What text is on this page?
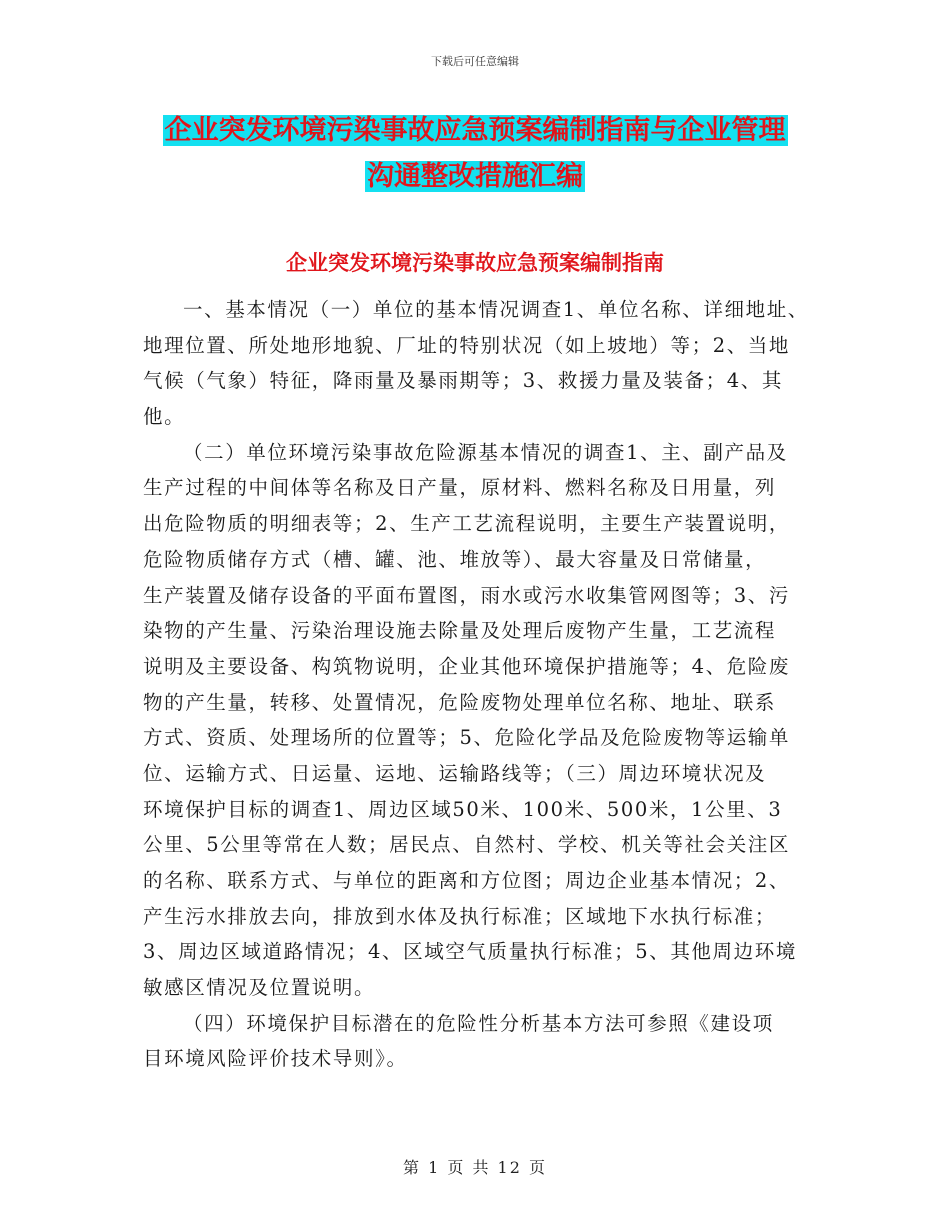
下载后可任意编辑
企业突发环境污染事故应急预案编制指南与企业管理
沟通整改措施汇编
企业突发环境污染事故应急预案编制指南
一、基本情况（一）单位的基本情况调查1、单位名称、详细地址、
地理位置、所处地形地貌、厂址的特别状况（如上坡地）等；2、当地
气候（气象）特征，降雨量及暴雨期等；3、救援力量及装备；4、其
他。
（二）单位环境污染事故危险源基本情况的调查1、主、副产品及
生产过程的中间体等名称及日产量，原材料、燃料名称及日用量，列
出危险物质的明细表等；2、生产工艺流程说明，主要生产装置说明，
危险物质储存方式（槽、罐、池、堆放等）、最大容量及日常储量，
生产装置及储存设备的平面布置图，雨水或污水收集管网图等；3、污
染物的产生量、污染治理设施去除量及处理后废物产生量，工艺流程
说明及主要设备、构筑物说明，企业其他环境保护措施等；4、危险废
物的产生量，转移、处置情况，危险废物处理单位名称、地址、联系
方式、资质、处理场所的位置等；5、危险化学品及危险废物等运输单
位、运输方式、日运量、运地、运输路线等；（三）周边环境状况及
环境保护目标的调查1、周边区域50米、100米、500米，1公里、3
公里、5公里等常在人数；居民点、自然村、学校、机关等社会关注区
的名称、联系方式、与单位的距离和方位图；周边企业基本情况；2、
产生污水排放去向，排放到水体及执行标准；区域地下水执行标准；
3、周边区域道路情况；4、区域空气质量执行标准；5、其他周边环境
敏感区情况及位置说明。
（四）环境保护目标潜在的危险性分析基本方法可参照《建设项
目环境风险评价技术导则》。
第 1 页 共 12 页
